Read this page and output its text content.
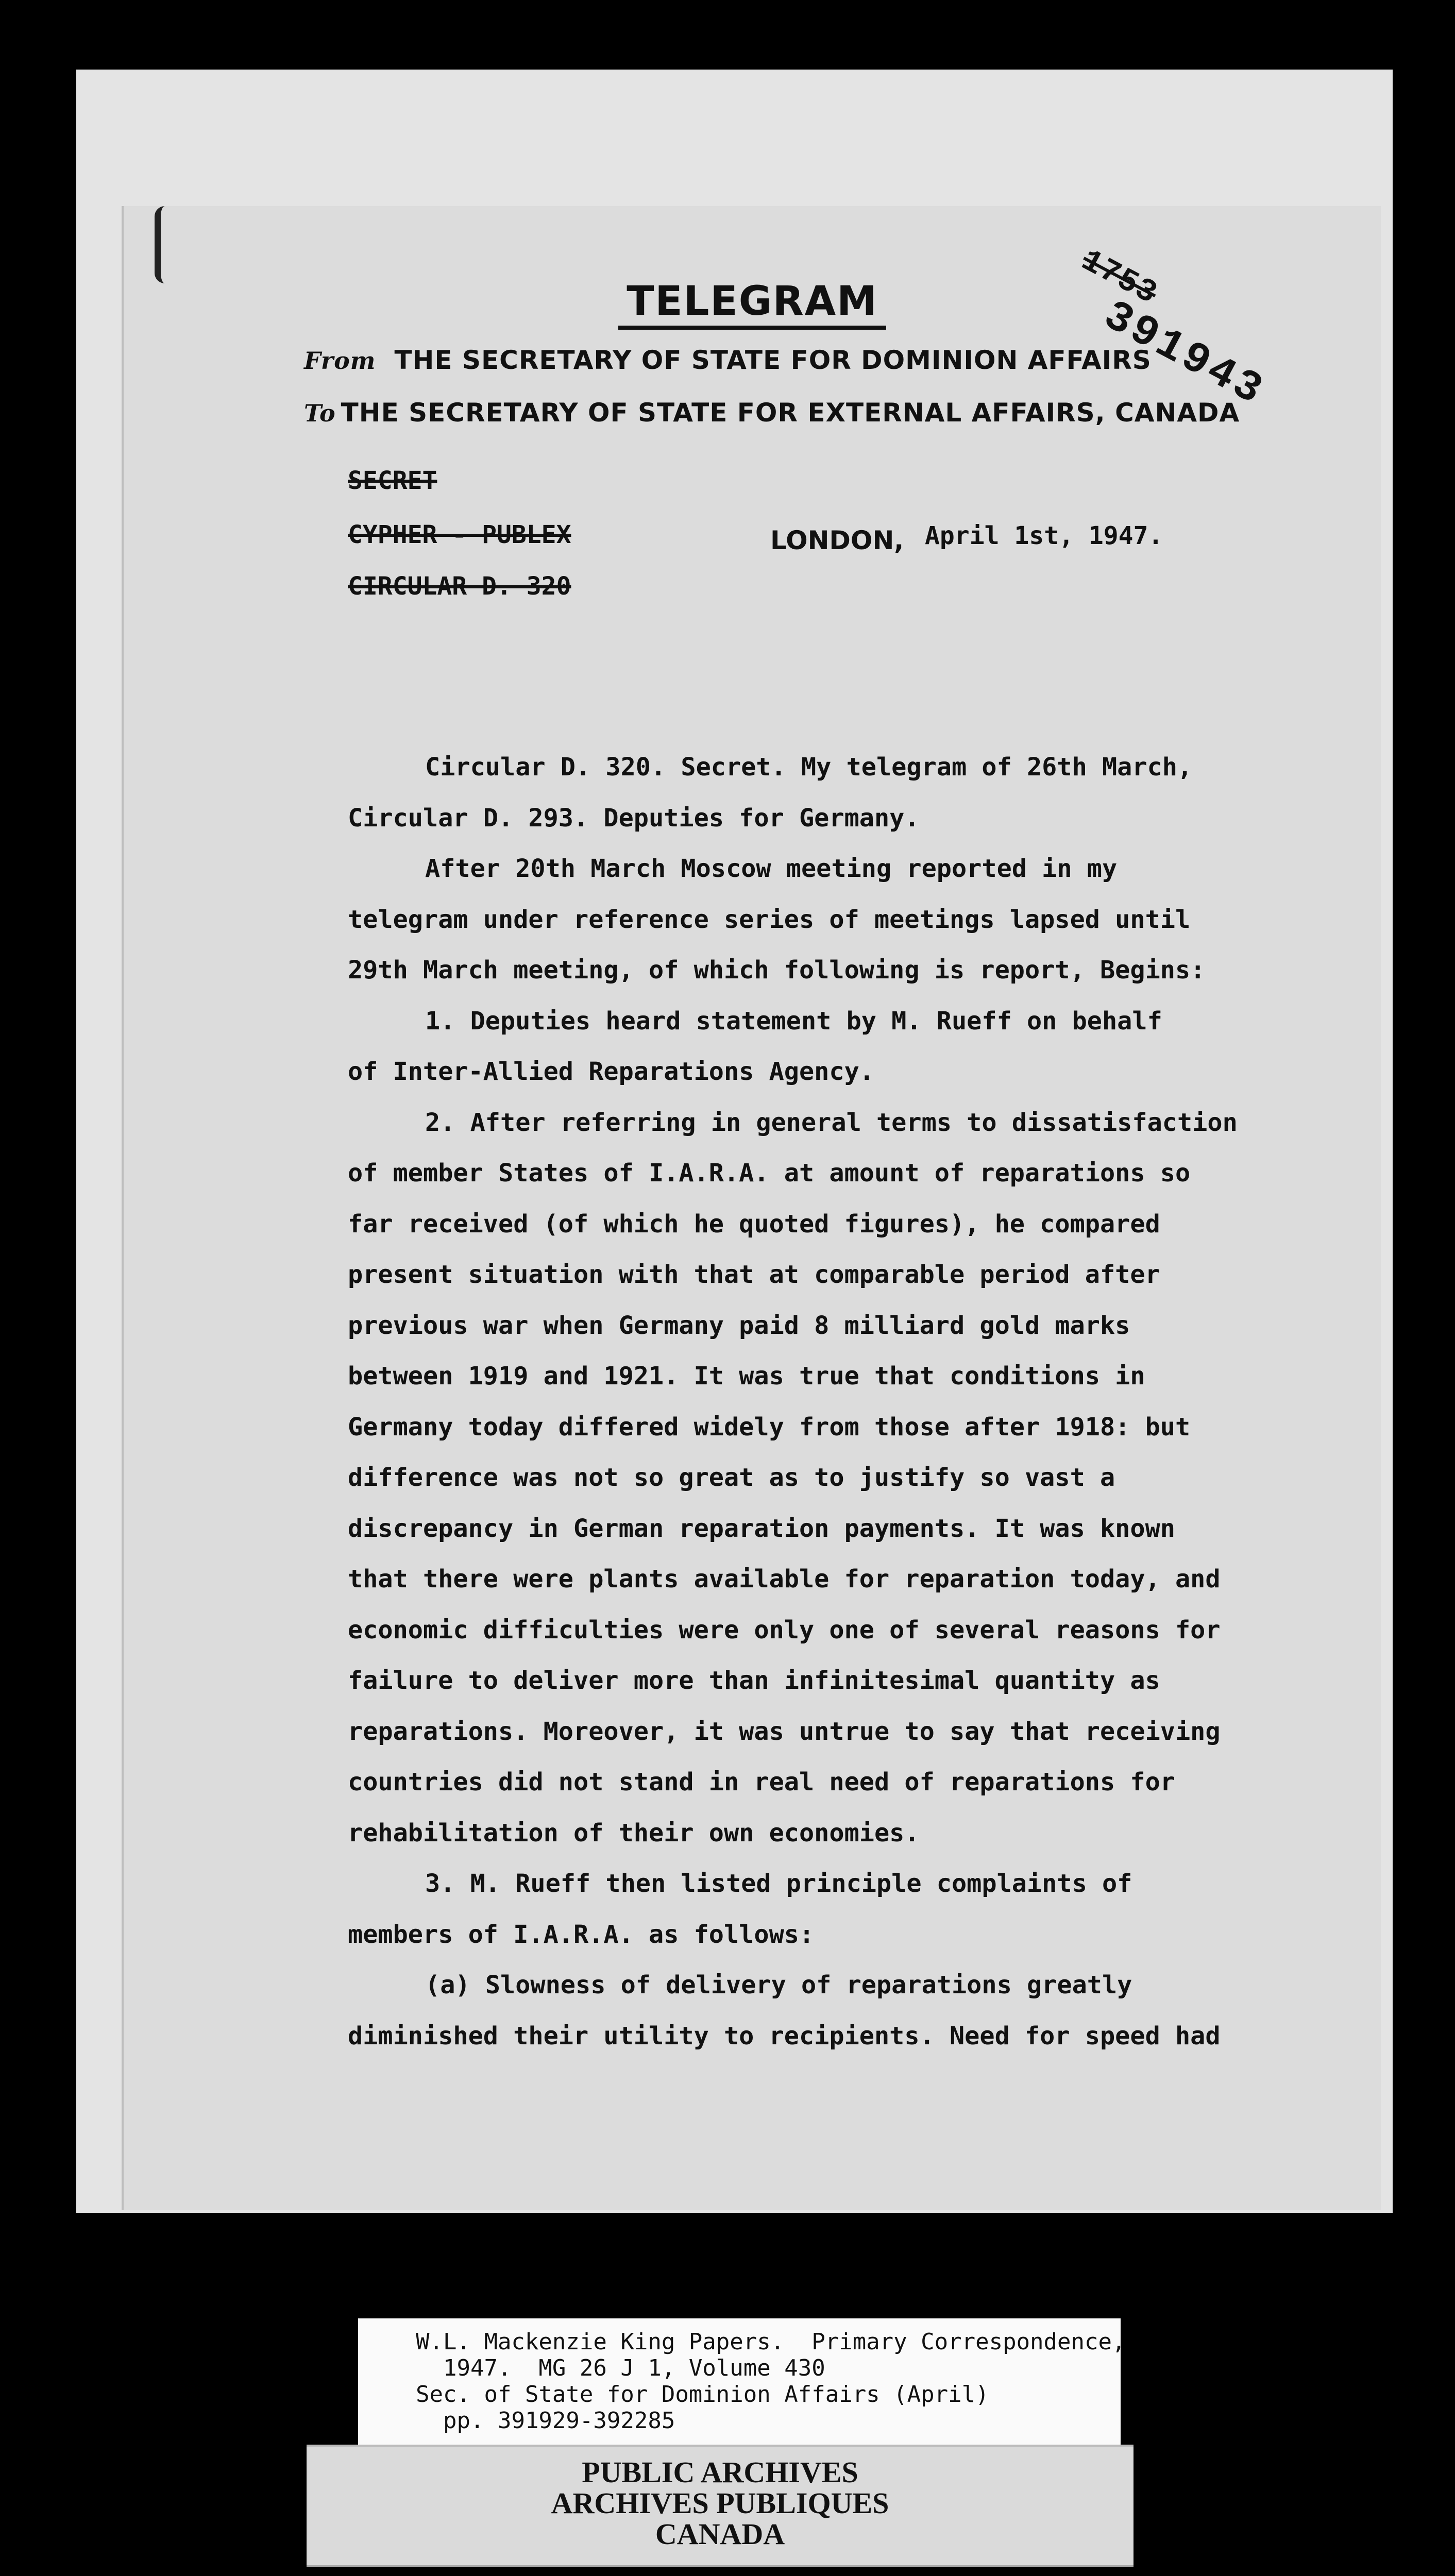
1753
391943
TELEGRAM
From THE SECRETARY OF STATE FOR DOMINION AFFAIRS
To THE SECRETARY OF STATE FOR EXTERNAL AFFAIRS, CANADA
SECRET
CYPHER - PUBLEX
CIRCULAR D. 320
LONDON, April 1st, 1947.
Circular D. 320. Secret. My telegram of 26th March,
Circular D. 293. Deputies for Germany.
After 20th March Moscow meeting reported in my
telegram under reference series of meetings lapsed until
29th March meeting, of which following is report, Begins:
1. Deputies heard statement by M. Rueff on behalf
of Inter-Allied Reparations Agency.
2. After referring in general terms to dissatisfaction
of member States of I.A.R.A. at amount of reparations so
far received (of which he quoted figures), he compared
present situation with that at comparable period after
previous war when Germany paid 8 milliard gold marks
between 1919 and 1921. It was true that conditions in
Germany today differed widely from those after 1918: but
difference was not so great as to justify so vast a
discrepancy in German reparation payments. It was known
that there were plants available for reparation today, and
economic difficulties were only one of several reasons for
failure to deliver more than infinitesimal quantity as
reparations. Moreover, it was untrue to say that receiving
countries did not stand in real need of reparations for
rehabilitation of their own economies.
3. M. Rueff then listed principle complaints of
members of I.A.R.A. as follows:
(a) Slowness of delivery of reparations greatly
diminished their utility to recipients. Need for speed had
W.L. Mackenzie King Papers.  Primary Correspondence,
1947.  MG 26 J 1, Volume 430
Sec. of State for Dominion Affairs (April)
pp. 391929-392285
PUBLIC ARCHIVES
ARCHIVES PUBLIQUES
CANADA
